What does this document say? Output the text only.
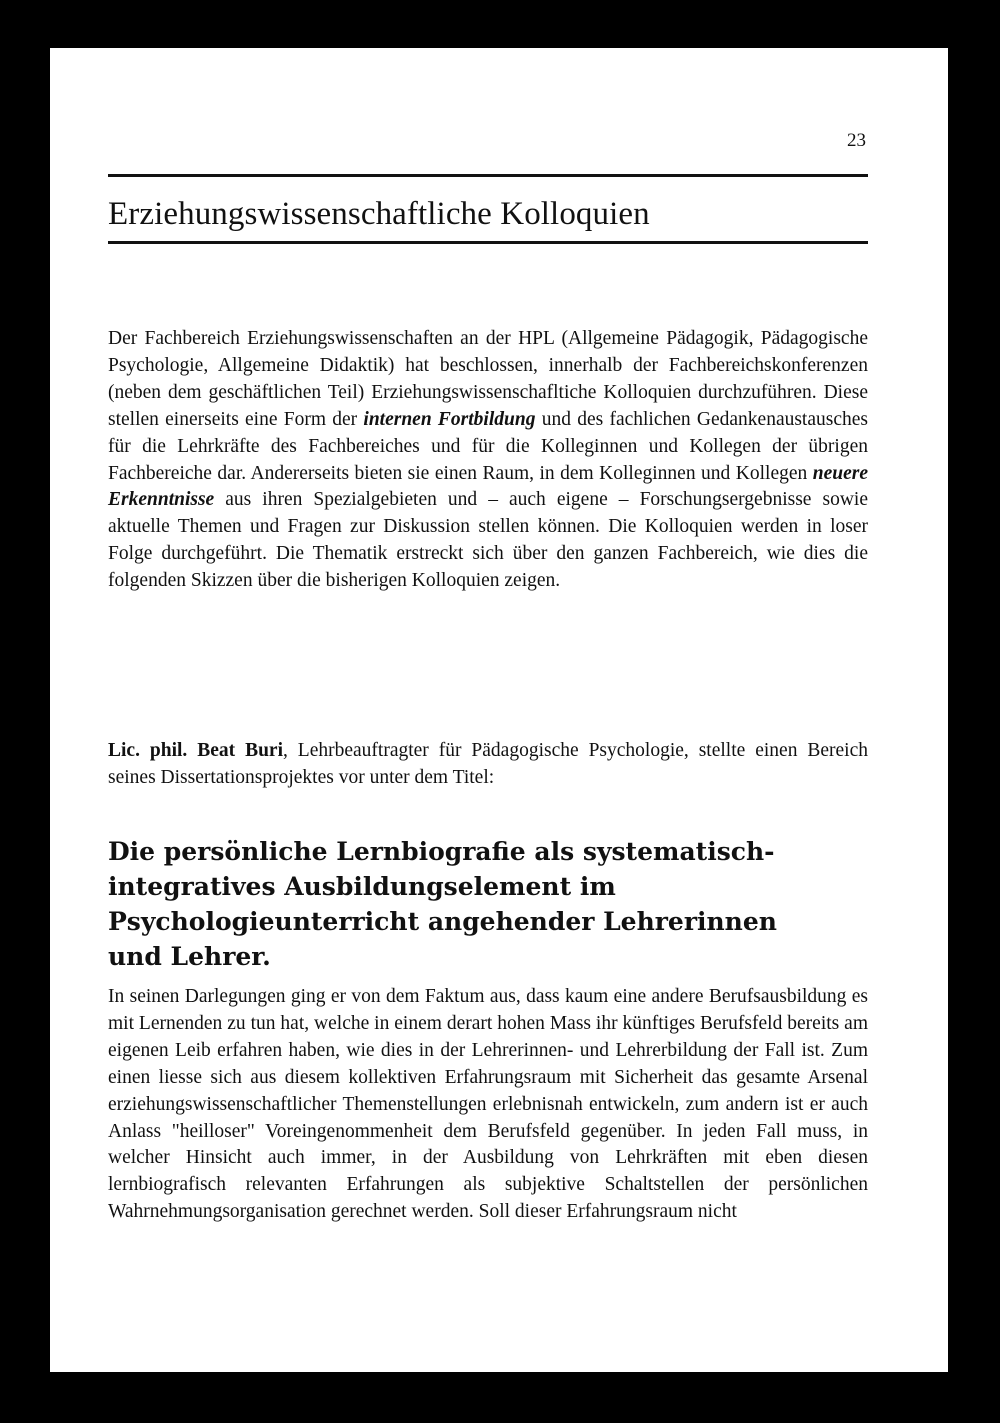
23
Erziehungswissenschaftliche Kolloquien

Der Fachbereich Erziehungswissenschaften an der HPL (Allgemeine Pädagogik, Pädagogische Psychologie, Allgemeine Didaktik) hat beschlossen, innerhalb der Fachbereichskonferenzen (neben dem geschäftlichen Teil) Erziehungswissenschafltiche Kolloquien durchzuführen. Diese stellen einerseits eine Form der internen Fortbildung und des fachlichen Gedankenaustausches für die Lehrkräfte des Fachbereiches und für die Kolleginnen und Kollegen der übrigen Fachbereiche dar. Andererseits bieten sie einen Raum, in dem Kolleginnen und Kollegen neuere Erkenntnisse aus ihren Spezialgebieten und – auch eigene – Forschungsergebnisse sowie aktuelle Themen und Fragen zur Diskussion stellen können. Die Kolloquien werden in loser Folge durchgeführt. Die Thematik erstreckt sich über den ganzen Fachbereich, wie dies die folgenden Skizzen über die bisherigen Kolloquien zeigen.

Lic. phil. Beat Buri, Lehrbeauftragter für Pädagogische Psychologie, stellte einen Bereich seines Dissertationsprojektes vor unter dem Titel:

Die persönliche Lernbiografie als systematisch-integratives Ausbildungselement im Psychologieunterricht angehender Lehrerinnen und Lehrer.

In seinen Darlegungen ging er von dem Faktum aus, dass kaum eine andere Berufsausbildung es mit Lernenden zu tun hat, welche in einem derart hohen Mass ihr künftiges Berufsfeld bereits am eigenen Leib erfahren haben, wie dies in der Lehrerinnen- und Lehrerbildung der Fall ist. Zum einen liesse sich aus diesem kollektiven Erfahrungsraum mit Sicherheit das gesamte Arsenal erziehungswissenschaftlicher Themenstellungen erlebnisnah entwickeln, zum andern ist er auch Anlass "heilloser" Voreingenommenheit dem Berufsfeld gegenüber. In jeden Fall muss, in welcher Hinsicht auch immer, in der Ausbildung von Lehrkräften mit eben diesen lernbiografisch relevanten Erfahrungen als subjektive Schaltstellen der persönlichen Wahrnehmungsorganisation gerechnet werden. Soll dieser Erfahrungsraum nicht
